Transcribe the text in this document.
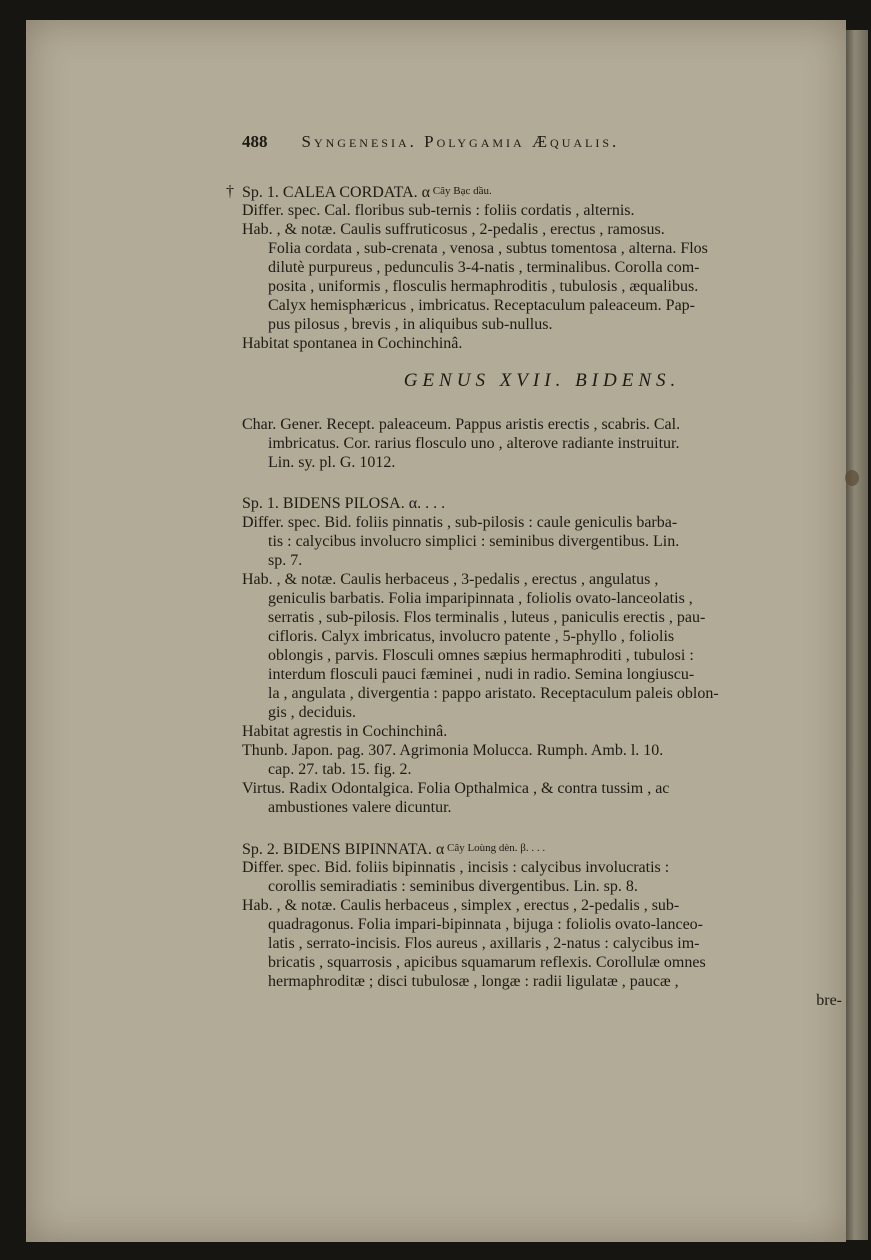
488 Syngenesia. Polygamia Æqualis.
† Sp. 1. CALEA CORDATA. α Cây Bạc dầu.
Differ. spec. Cal. floribus sub-ternis : foliis cordatis , alternis.
Hab. , & notæ. Caulis suffruticosus , 2-pedalis , erectus , ramosus.
Folia cordata , sub-crenata , venosa , subtus tomentosa , alterna. Flos
dilutè purpureus , pedunculis 3-4-natis , terminalibus. Corolla com-
posita , uniformis , flosculis hermaphroditis , tubulosis , æqualibus.
Calyx hemisphæricus , imbricatus. Receptaculum paleaceum. Pap-
pus pilosus , brevis , in aliquibus sub-nullus.
Habitat spontanea in Cochinchinâ.
GENUS XVII. BIDENS.
Char. Gener. Recept. paleaceum. Pappus aristis erectis , scabris. Cal.
imbricatus. Cor. rarius flosculo uno , alterove radiante instruitur.
Lin. sy. pl. G. 1012.
Sp. 1. BIDENS PILOSA. α. . . .
Differ. spec. Bid. foliis pinnatis , sub-pilosis : caule geniculis barba-
tis : calycibus involucro simplici : seminibus divergentibus. Lin.
sp. 7.
Hab. , & notæ. Caulis herbaceus , 3-pedalis , erectus , angulatus ,
geniculis barbatis. Folia imparipinnata , foliolis ovato-lanceolatis ,
serratis , sub-pilosis. Flos terminalis , luteus , paniculis erectis , pau-
cifloris. Calyx imbricatus, involucro patente , 5-phyllo , foliolis
oblongis , parvis. Flosculi omnes sæpius hermaphroditi , tubulosi :
interdum flosculi pauci fæminei , nudi in radio. Semina longiuscu-
la , angulata , divergentia : pappo aristato. Receptaculum paleis oblon-
gis , deciduis.
Habitat agrestis in Cochinchinâ.
Thunb. Japon. pag. 307. Agrimonia Molucca. Rumph. Amb. l. 10.
cap. 27. tab. 15. fig. 2.
Virtus. Radix Odontalgica. Folia Opthalmica , & contra tussim , ac
ambustiones valere dicuntur.
Sp. 2. BIDENS BIPINNATA. α Cây Loùng dèn. β. . . .
Differ. spec. Bid. foliis bipinnatis , incisis : calycibus involucratis :
corollis semiradiatis : seminibus divergentibus. Lin. sp. 8.
Hab. , & notæ. Caulis herbaceus , simplex , erectus , 2-pedalis , sub-
quadragonus. Folia impari-bipinnata , bijuga : foliolis ovato-lanceo-
latis , serrato-incisis. Flos aureus , axillaris , 2-natus : calycibus im-
bricatis , squarrosis , apicibus squamarum reflexis. Corollulæ omnes
hermaphroditæ ; disci tubulosæ , longæ : radii ligulatæ , paucæ ,
bre-
